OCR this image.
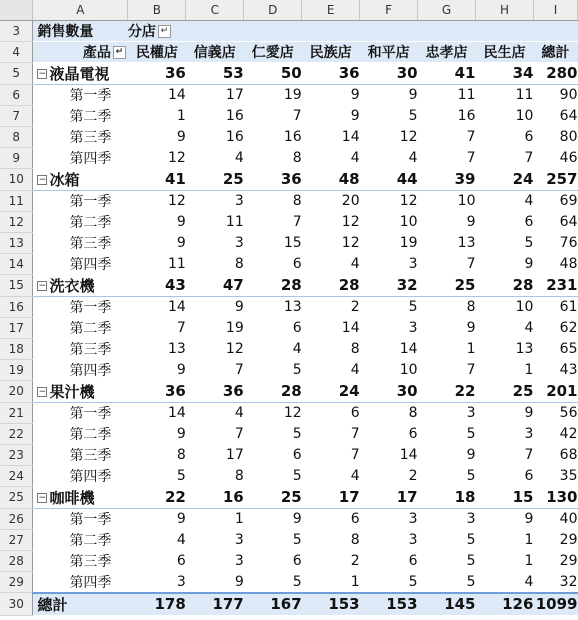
	A	B	C	D	E	F	G	H	I
3	銷售數量	分店 ↵							
4	產品 ↵	民權店	信義店	仁愛店	民族店	和平店	忠孝店	民生店	總計
5	− 液晶電視	36	53	50	36	30	41	34	280
6	第一季	14	17	19	9	9	11	11	90
7	第二季	1	16	7	9	5	16	10	64
8	第三季	9	16	16	14	12	7	6	80
9	第四季	12	4	8	4	4	7	7	46
10	− 冰箱	41	25	36	48	44	39	24	257
11	第一季	12	3	8	20	12	10	4	69
12	第二季	9	11	7	12	10	9	6	64
13	第三季	9	3	15	12	19	13	5	76
14	第四季	11	8	6	4	3	7	9	48
15	− 洗衣機	43	47	28	28	32	25	28	231
16	第一季	14	9	13	2	5	8	10	61
17	第二季	7	19	6	14	3	9	4	62
18	第三季	13	12	4	8	14	1	13	65
19	第四季	9	7	5	4	10	7	1	43
20	− 果汁機	36	36	28	24	30	22	25	201
21	第一季	14	4	12	6	8	3	9	56
22	第二季	9	7	5	7	6	5	3	42
23	第三季	8	17	6	7	14	9	7	68
24	第四季	5	8	5	4	2	5	6	35
25	− 咖啡機	22	16	25	17	17	18	15	130
26	第一季	9	1	9	6	3	3	9	40
27	第二季	4	3	5	8	3	5	1	29
28	第三季	6	3	6	2	6	5	1	29
29	第四季	3	9	5	1	5	5	4	32
30	總計	178	177	167	153	153	145	126	1099
